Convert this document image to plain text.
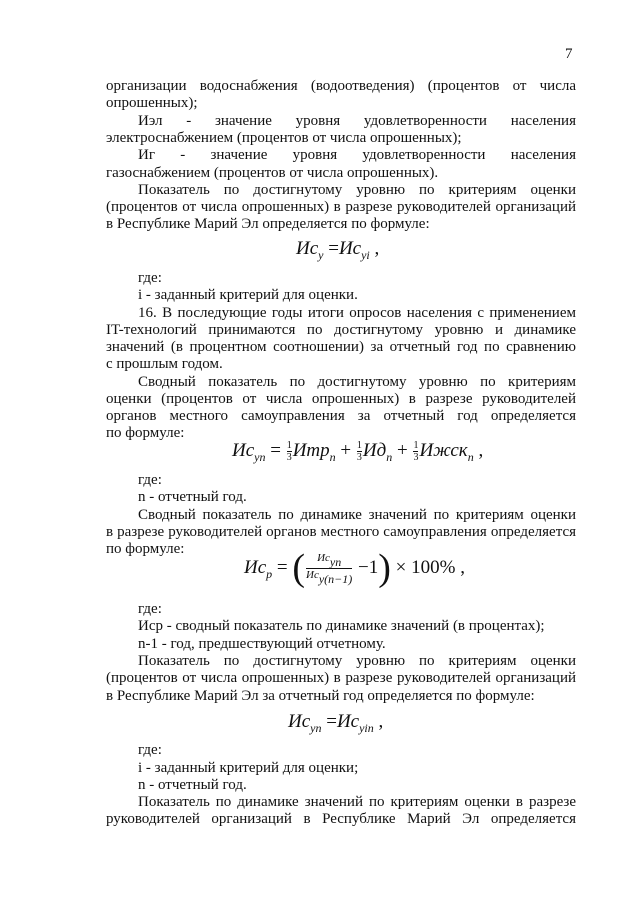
7
организации водоснабжения (водоотведения) (процентов от числа
опрошенных);
Иэл - значение уровня удовлетворенности населения
электроснабжением (процентов от числа опрошенных);
Иг - значение уровня удовлетворенности населения
газоснабжением (процентов от числа опрошенных).
Показатель по достигнутому уровню по критериям оценки
(процентов от числа опрошенных) в разрезе руководителей организаций
в Республике Марий Эл определяется по формуле:
$Ис_у =Ис_{yi}$ ,
где:
i - заданный критерий для оценки.
16. В последующие годы итоги опросов населения с применением
IT-технологий принимаются по достигнутому уровню и динамике
значений (в процентном соотношении) за отчетный год по сравнению
с прошлым годом.
Сводный показатель по достигнутому уровню по критериям
оценки (процентов от числа опрошенных) в разрезе руководителей
органов местного самоуправления за отчетный год определяется
по формуле:
$Ис_{yn} = \frac{1}{3} Итр_n + \frac{1}{3} Ид_n + \frac{1}{3}$ Ижск$_n$ ,
где:
n - отчетный год.
Сводный показатель по динамике значений по критериям оценки
в разрезе руководителей органов местного самоуправления определяется
по формуле:
$Ис_р$ = ( $\frac{Ис_{yn}}{Ис_{y(n-1)}} -1) \times 100\%$ ,
где:
Иср - сводный показатель по динамике значений (в процентах);
n-1 - год, предшествующий отчетному.
Показатель по достигнутому уровню по критериям оценки
(процентов от числа опрошенных) в разрезе руководителей организаций
в Республике Марий Эл за отчетный год определяется по формуле:
$Ис_{yn} =Ис_{yin}$ ,
где:
i - заданный критерий для оценки;
n - отчетный год.
Показатель по динамике значений по критериям оценки в разрезе
руководителей организаций в Республике Марий Эл определяется
